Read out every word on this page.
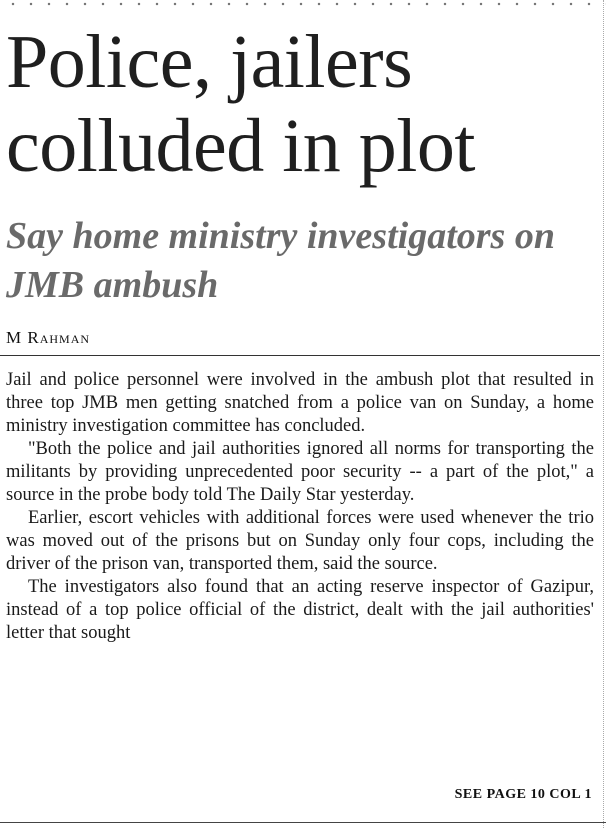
Police, jailers colluded in plot
Say home ministry investigators on JMB ambush
M Rahman

Jail and police personnel were involved in the ambush plot that resulted in three top JMB men getting snatched from a police van on Sunday, a home ministry investigation committee has concluded.

"Both the police and jail authorities ignored all norms for transporting the militants by providing unprecedented poor security -- a part of the plot," a source in the probe body told The Daily Star yesterday.

Earlier, escort vehicles with additional forces were used whenever the trio was moved out of the prisons but on Sunday only four cops, including the driver of the prison van, transported them, said the source.

The investigators also found that an acting reserve inspector of Gazipur, instead of a top police official of the district, dealt with the jail authorities' letter that sought

SEE PAGE 10 COL 1
